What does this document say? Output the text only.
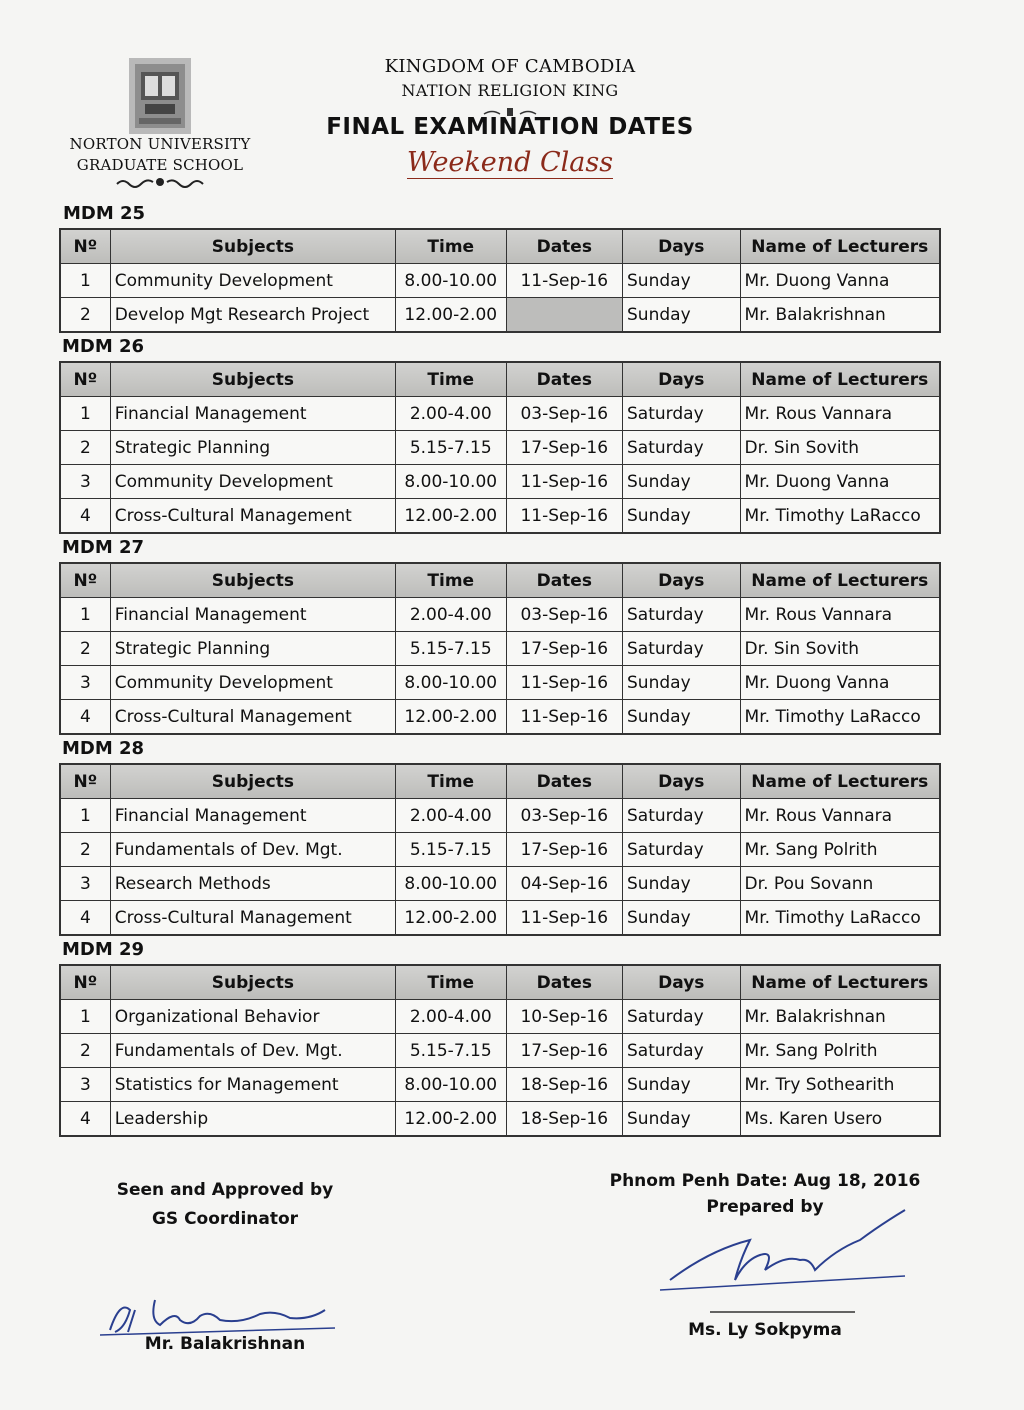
NORTON UNIVERSITY
GRADUATE SCHOOL
KINGDOM OF CAMBODIA
NATION RELIGION KING
FINAL EXAMINATION DATES
Weekend Class
MDM 25
Nº	Subjects	Time	Dates	Days	Name of Lecturers
1	Community Development	8.00-10.00	11-Sep-16	Sunday	Mr. Duong Vanna
2	Develop Mgt Research Project	12.00-2.00		Sunday	Mr. Balakrishnan
MDM 26
Nº	Subjects	Time	Dates	Days	Name of Lecturers
1	Financial Management	2.00-4.00	03-Sep-16	Saturday	Mr. Rous Vannara
2	Strategic Planning	5.15-7.15	17-Sep-16	Saturday	Dr. Sin Sovith
3	Community Development	8.00-10.00	11-Sep-16	Sunday	Mr. Duong Vanna
4	Cross-Cultural Management	12.00-2.00	11-Sep-16	Sunday	Mr. Timothy LaRacco
MDM 27
Nº	Subjects	Time	Dates	Days	Name of Lecturers
1	Financial Management	2.00-4.00	03-Sep-16	Saturday	Mr. Rous Vannara
2	Strategic Planning	5.15-7.15	17-Sep-16	Saturday	Dr. Sin Sovith
3	Community Development	8.00-10.00	11-Sep-16	Sunday	Mr. Duong Vanna
4	Cross-Cultural Management	12.00-2.00	11-Sep-16	Sunday	Mr. Timothy LaRacco
MDM 28
Nº	Subjects	Time	Dates	Days	Name of Lecturers
1	Financial Management	2.00-4.00	03-Sep-16	Saturday	Mr. Rous Vannara
2	Fundamentals of Dev. Mgt.	5.15-7.15	17-Sep-16	Saturday	Mr. Sang Polrith
3	Research Methods	8.00-10.00	04-Sep-16	Sunday	Dr. Pou Sovann
4	Cross-Cultural Management	12.00-2.00	11-Sep-16	Sunday	Mr. Timothy LaRacco
MDM 29
Nº	Subjects	Time	Dates	Days	Name of Lecturers
1	Organizational Behavior	2.00-4.00	10-Sep-16	Saturday	Mr. Balakrishnan
2	Fundamentals of Dev. Mgt.	5.15-7.15	17-Sep-16	Saturday	Mr. Sang Polrith
3	Statistics for Management	8.00-10.00	18-Sep-16	Sunday	Mr. Try Sothearith
4	Leadership	12.00-2.00	18-Sep-16	Sunday	Ms. Karen Usero
Seen and Approved by
GS Coordinator
Mr. Balakrishnan
Phnom Penh Date: Aug 18, 2016
Prepared by
Ms. Ly Sokpyma
